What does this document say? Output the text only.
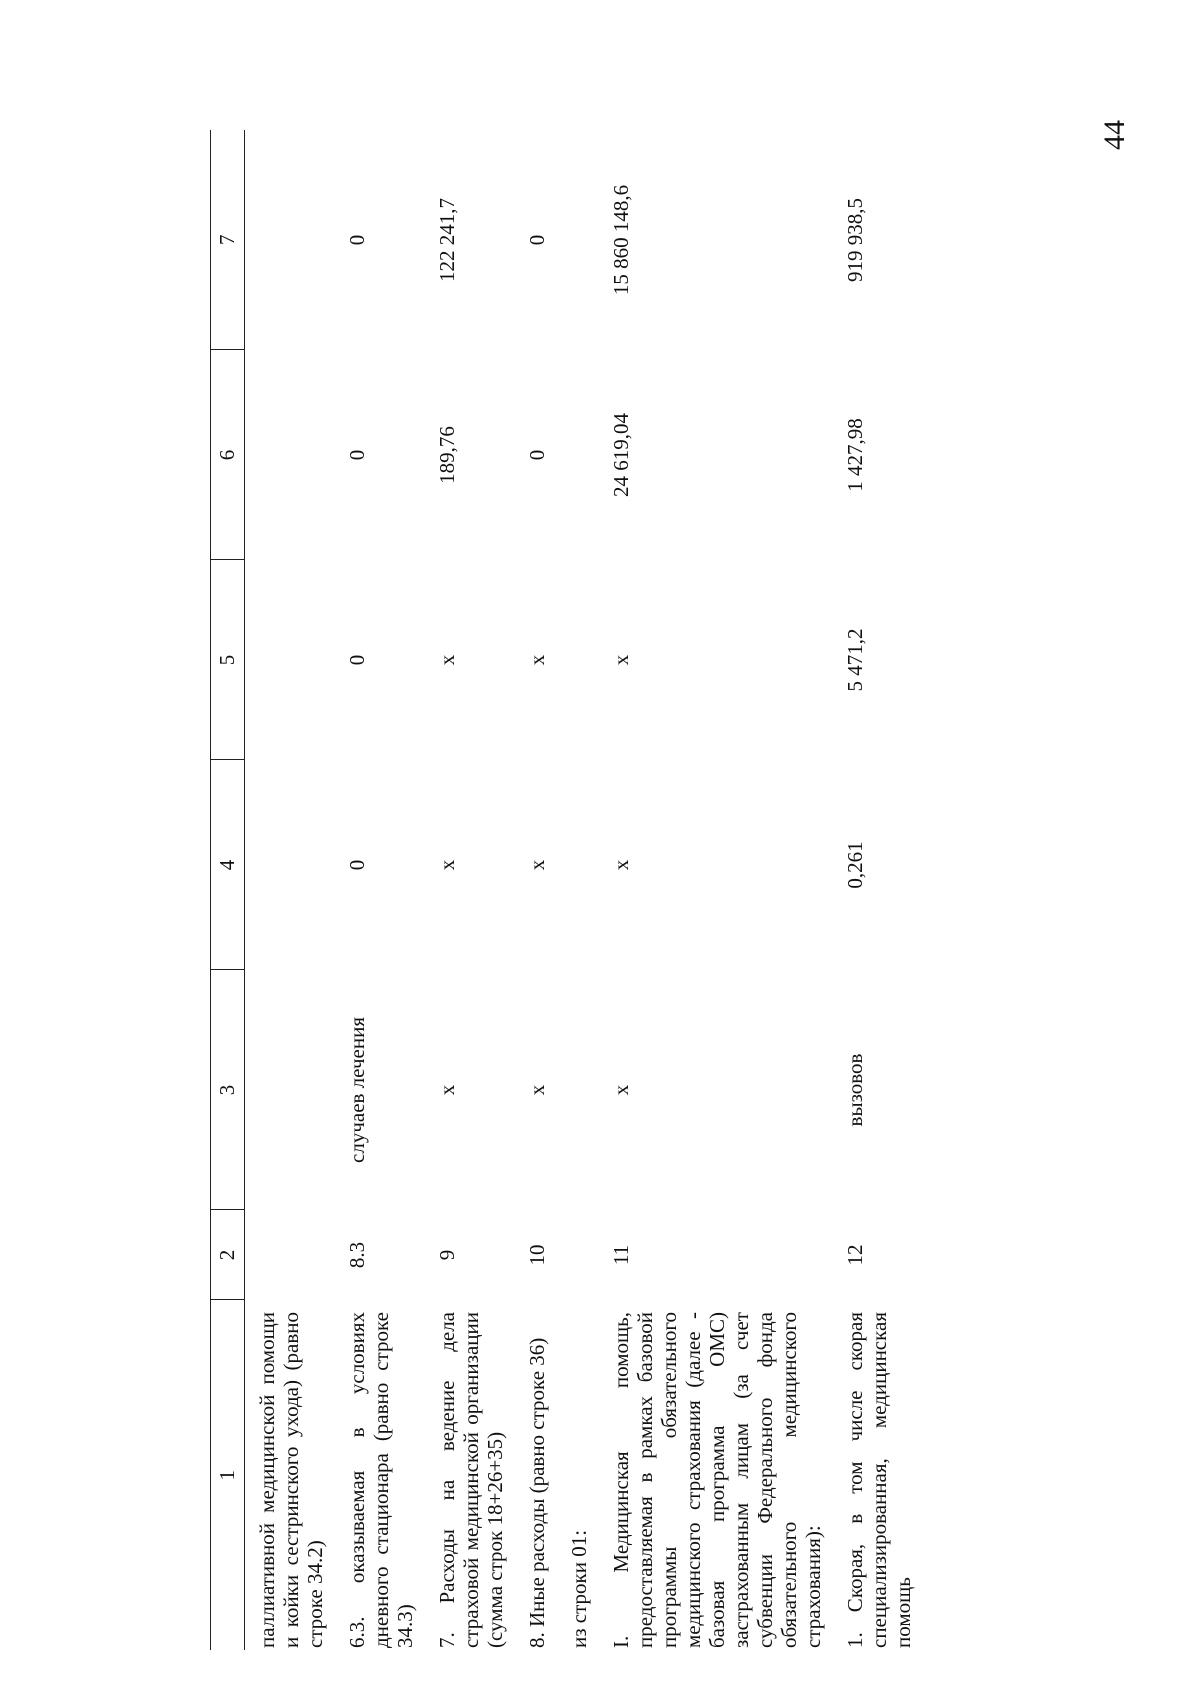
44
1	2	3	4	5	6	7
паллиативной медицинской помощи и койки сестринского ухода) (равно строке 34.2)						
6.3. оказываемая в условиях дневного стационара (равно строке 34.3)	8.3	случаев лечения	0	0	0	0
7. Расходы на ведение дела страховой медицинской организации (сумма строк 18+26+35)	9	х	х	х	189,76	122 241,7
8. Иные расходы (равно строке 36)	10	х	х	х	0	0
из строки 01:						
I. Медицинская помощь, предоставляемая в рамках базовой программы обязательного медицинского страхования (далее - базовая программа ОМС) застрахованным лицам (за счет субвенции Федерального фонда обязательного медицинского страхования):	11	х	х	х	24 619,04	15 860 148,6
1. Скорая, в том числе скорая специализированная, медицинская помощь	12	вызовов	0,261	5 471,2	1 427,98	919 938,5
